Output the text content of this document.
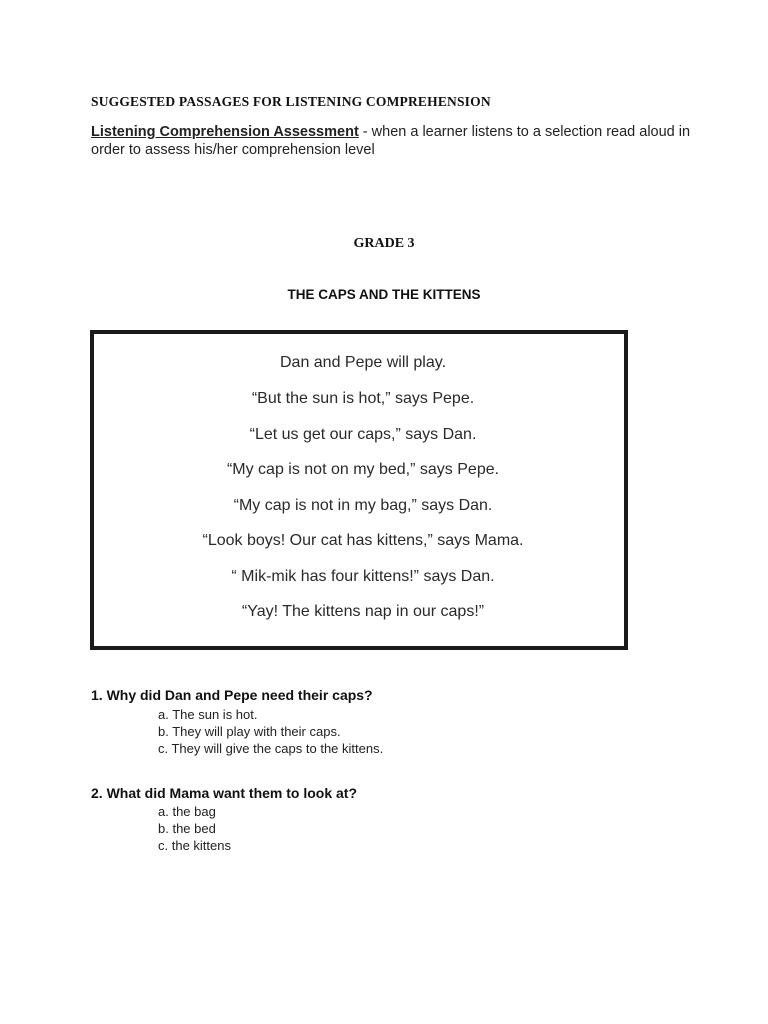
SUGGESTED PASSAGES FOR LISTENING COMPREHENSION

Listening Comprehension Assessment - when a learner listens to a selection read aloud in order to assess his/her comprehension level

GRADE 3
THE CAPS AND THE KITTENS

Dan and Pepe will play.

“But the sun is hot,” says Pepe.

“Let us get our caps,” says Dan.

“My cap is not on my bed,” says Pepe.

“My cap is not in my bag,” says Dan.

“Look boys! Our cat has kittens,” says Mama.

“ Mik-mik has four kittens!” says Dan.

“Yay! The kittens nap in our caps!”

1. Why did Dan and Pepe need their caps?

a. The sun is hot.
b. They will play with their caps.
c. They will give the caps to the kittens.

2. What did Mama want them to look at?

a. the bag
b. the bed
c. the kittens
